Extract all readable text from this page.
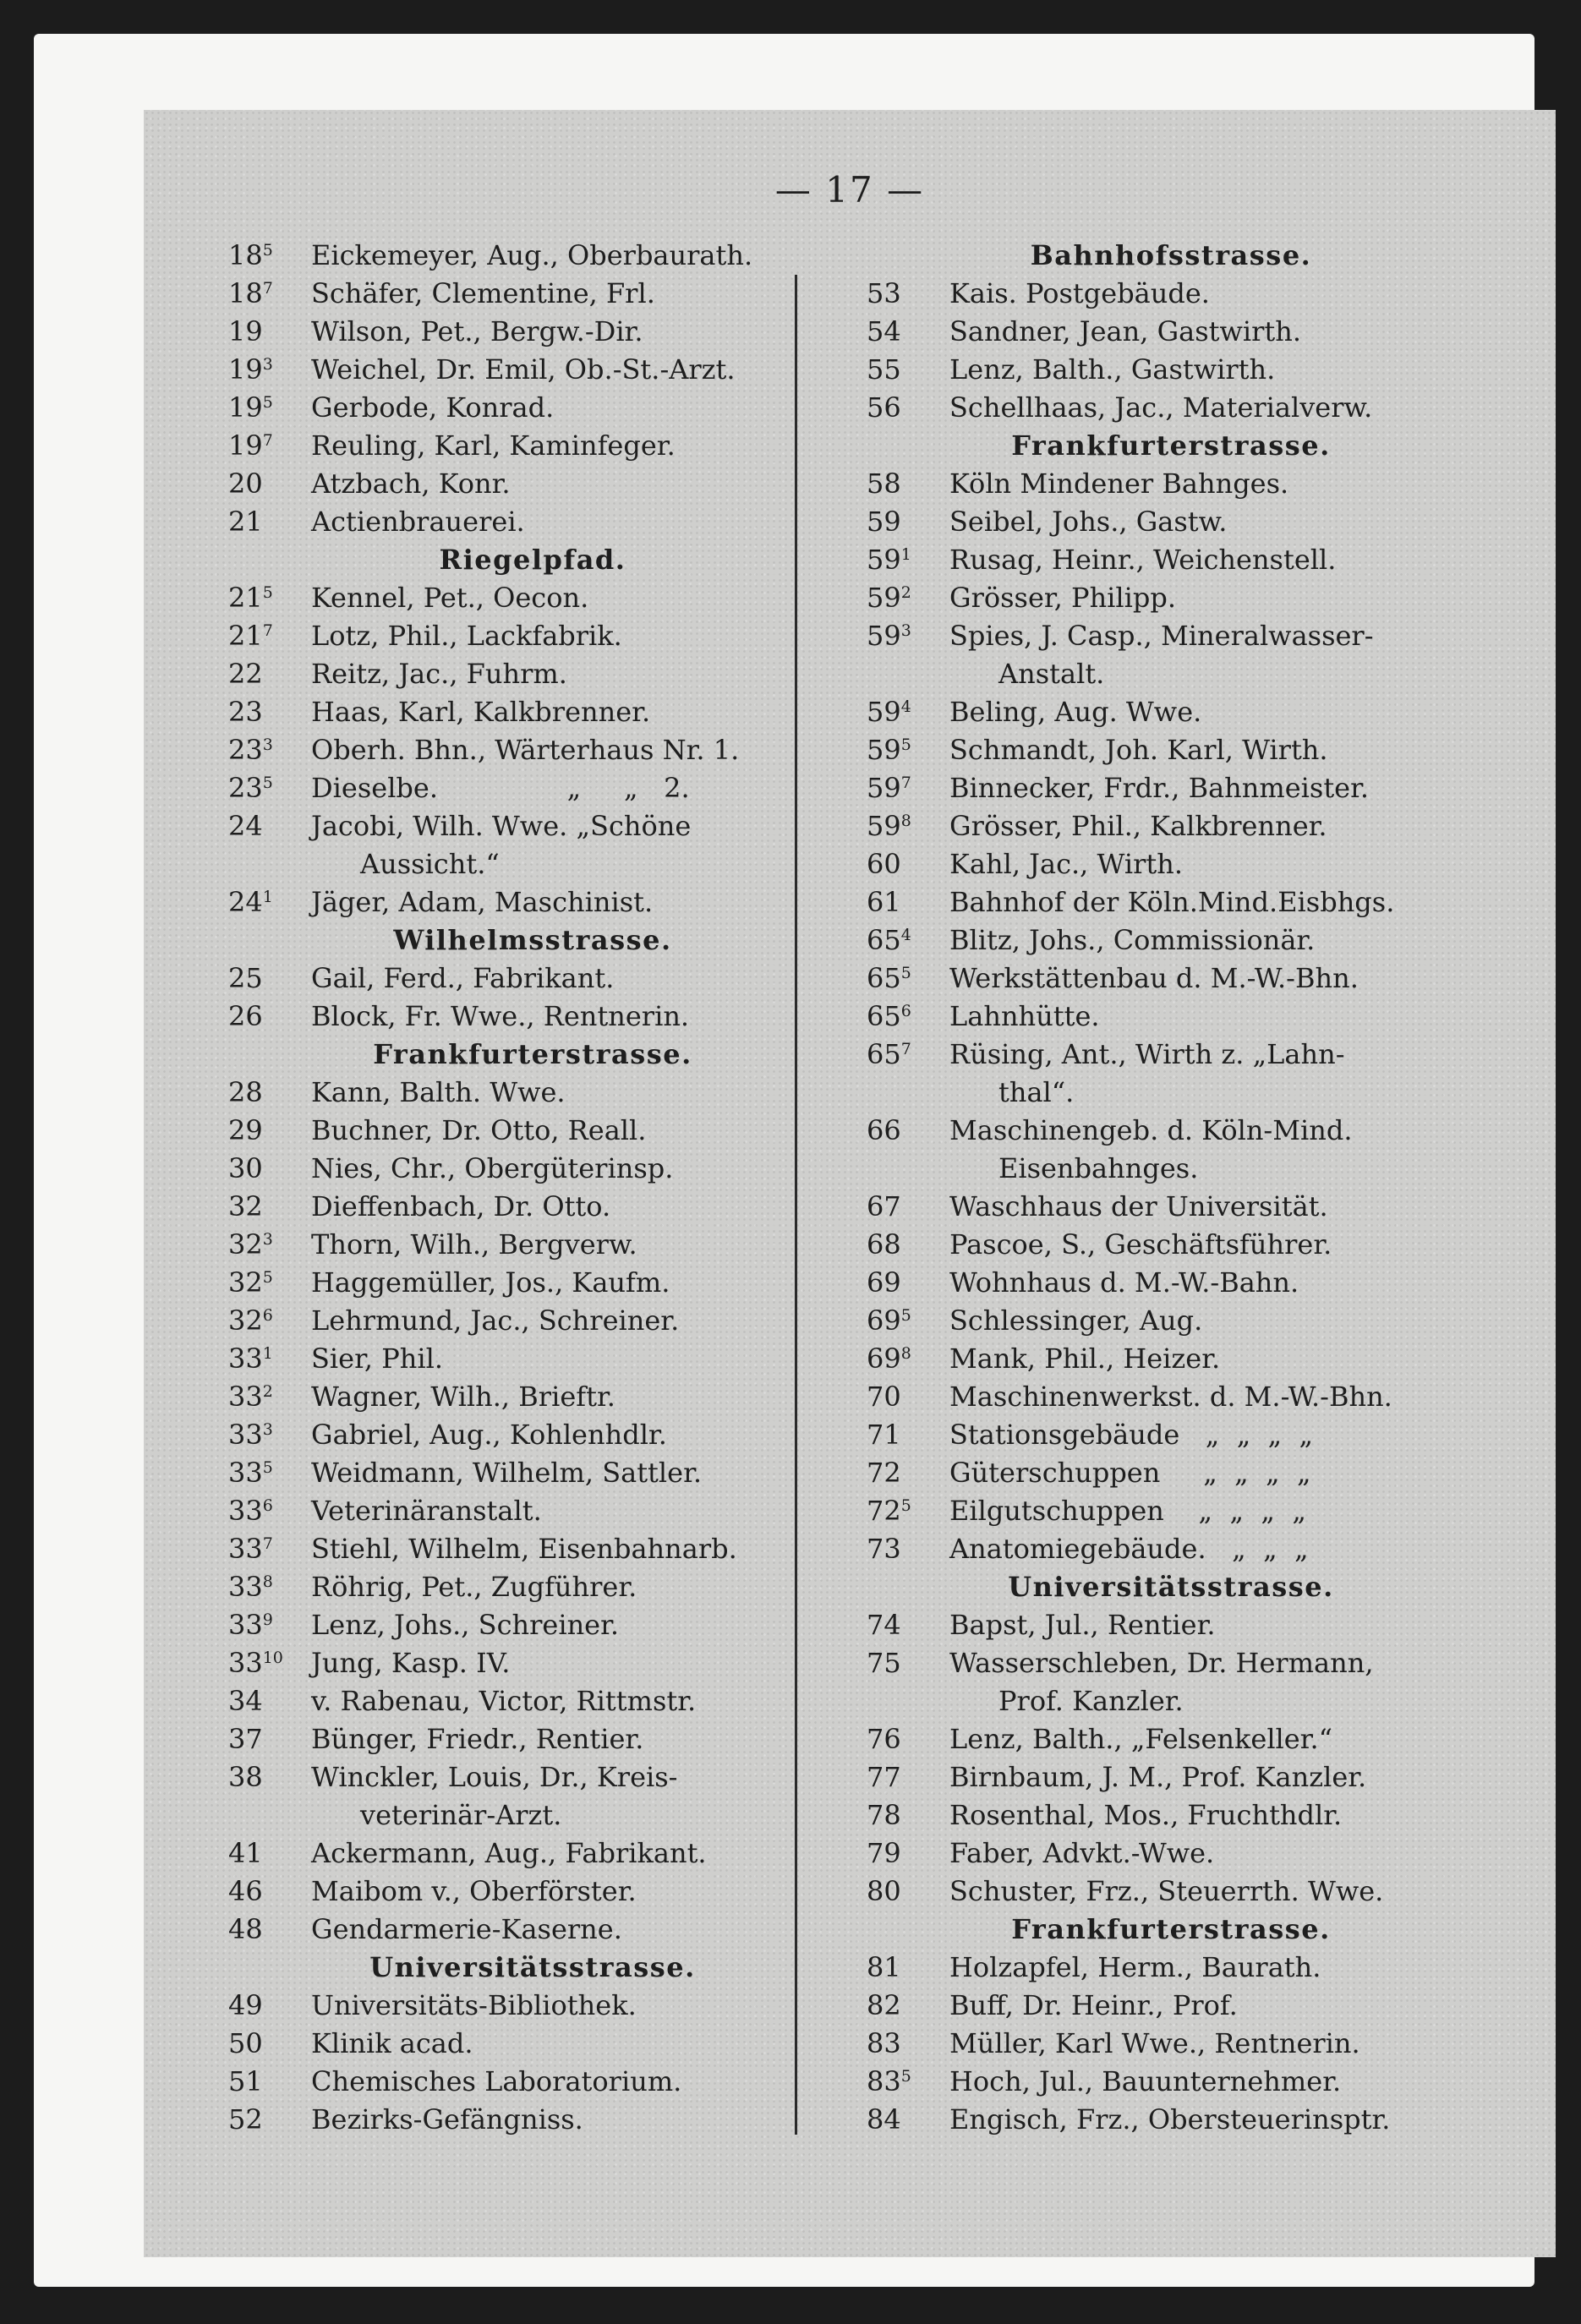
— 17 —
$18^5$	Eickemeyer, Aug., Oberbaurath.
$18^7$	Schäfer, Clementine, Frl.
19	Wilson, Pet., Bergw.-Dir.
$19^3$	Weichel, Dr. Emil, Ob.-St.-Arzt.
$19^5$	Gerbode, Konrad.
$19^7$	Reuling, Karl, Kaminfeger.
20	Atzbach, Konr.
21	Actienbrauerei.
Riegelpfad.
$21^5$	Kennel, Pet., Oecon.
$21^7$	Lotz, Phil., Lackfabrik.
22	Reitz, Jac., Fuhrm.
23	Haas, Karl, Kalkbrenner.
$23^3$	Oberh. Bhn., Wärterhaus Nr. 1.
$23^5$	Dieselbe.               „     „   2.
24	Jacobi, Wilh. Wwe. „Schöne
Aussicht.“
$24^1$	Jäger, Adam, Maschinist.
Wilhelmsstrasse.
25	Gail, Ferd., Fabrikant.
26	Block, Fr. Wwe., Rentnerin.
Frankfurterstrasse.
28	Kann, Balth. Wwe.
29	Buchner, Dr. Otto, Reall.
30	Nies, Chr., Obergüterinsp.
32	Dieffenbach, Dr. Otto.
$32^3$	Thorn, Wilh., Bergverw.
$32^5$	Haggemüller, Jos., Kaufm.
$32^6$	Lehrmund, Jac., Schreiner.
$33^1$	Sier, Phil.
$33^2$	Wagner, Wilh., Brieftr.
$33^3$	Gabriel, Aug., Kohlenhdlr.
$33^5$	Weidmann, Wilhelm, Sattler.
$33^6$	Veterinäranstalt.
$33^7$	Stiehl, Wilhelm, Eisenbahnarb.
$33^8$	Röhrig, Pet., Zugführer.
$33^9$	Lenz, Johs., Schreiner.
$33^{10}$	Jung, Kasp. IV.
34	v. Rabenau, Victor, Rittmstr.
37	Bünger, Friedr., Rentier.
38	Winckler, Louis, Dr., Kreis-
veterinär-Arzt.
41	Ackermann, Aug., Fabrikant.
46	Maibom v., Oberförster.
48	Gendarmerie-Kaserne.
Universitätsstrasse.
49	Universitäts-Bibliothek.
50	Klinik acad.
51	Chemisches Laboratorium.
52	Bezirks-Gefängniss.
Bahnhofsstrasse.
53	Kais. Postgebäude.
54	Sandner, Jean, Gastwirth.
55	Lenz, Balth., Gastwirth.
56	Schellhaas, Jac., Materialverw.
Frankfurterstrasse.
58	Köln Mindener Bahnges.
59	Seibel, Johs., Gastw.
$59^1$	Rusag, Heinr., Weichenstell.
$59^2$	Grösser, Philipp.
$59^3$	Spies, J. Casp., Mineralwasser-
Anstalt.
$59^4$	Beling, Aug. Wwe.
$59^5$	Schmandt, Joh. Karl, Wirth.
$59^7$	Binnecker, Frdr., Bahnmeister.
$59^8$	Grösser, Phil., Kalkbrenner.
60	Kahl, Jac., Wirth.
61	Bahnhof der Köln.Mind.Eisbhgs.
$65^4$	Blitz, Johs., Commissionär.
$65^5$	Werkstättenbau d. M.-W.-Bhn.
$65^6$	Lahnhütte.
$65^7$	Rüsing, Ant., Wirth z. „Lahn-
thal“.
66	Maschinengeb. d. Köln-Mind.
Eisenbahnges.
67	Waschhaus der Universität.
68	Pascoe, S., Geschäftsführer.
69	Wohnhaus d. M.-W.-Bahn.
$69^5$	Schlessinger, Aug.
$69^8$	Mank, Phil., Heizer.
70	Maschinenwerkst. d. M.-W.-Bhn.
71	Stationsgebäude   „  „  „  „
72	Güterschuppen     „  „  „  „
$72^5$	Eilgutschuppen    „  „  „  „
73	Anatomiegebäude.   „  „  „
Universitätsstrasse.
74	Bapst, Jul., Rentier.
75	Wasserschleben, Dr. Hermann,
Prof. Kanzler.
76	Lenz, Balth., „Felsenkeller.“
77	Birnbaum, J. M., Prof. Kanzler.
78	Rosenthal, Mos., Fruchthdlr.
79	Faber, Advkt.-Wwe.
80	Schuster, Frz., Steuerrth. Wwe.
Frankfurterstrasse.
81	Holzapfel, Herm., Baurath.
82	Buff, Dr. Heinr., Prof.
83	Müller, Karl Wwe., Rentnerin.
$83^5$	Hoch, Jul., Bauunternehmer.
84	Engisch, Frz., Obersteuerinsptr.
